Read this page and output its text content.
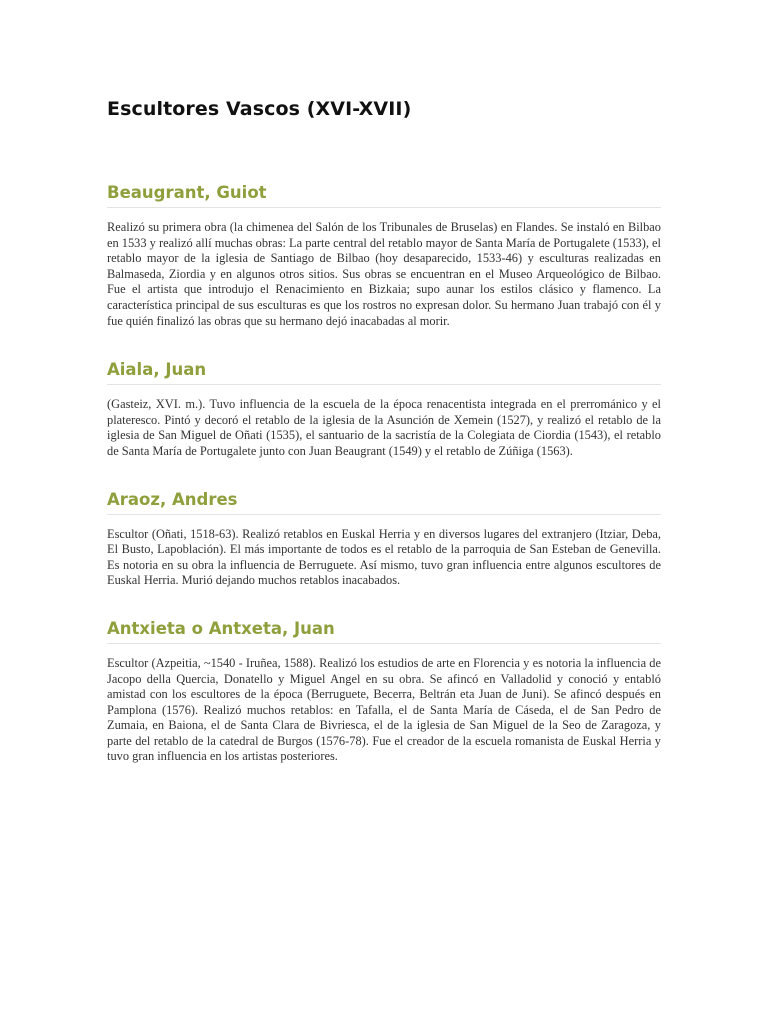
Escultores Vascos (XVI-XVII)
Beaugrant, Guiot

Realizó su primera obra (la chimenea del Salón de los Tribunales de Bruselas) en Flandes. Se instaló en Bilbao en 1533 y realizó allí muchas obras: La parte central del retablo mayor de Santa María de Portugalete (1533), el retablo mayor de la iglesia de Santiago de Bilbao (hoy desaparecido, 1533-46) y esculturas realizadas en Balmaseda, Ziordia y en algunos otros sitios. Sus obras se encuentran en el Museo Arqueológico de Bilbao. Fue el artista que introdujo el Renacimiento en Bizkaia; supo aunar los estilos clásico y flamenco. La característica principal de sus esculturas es que los rostros no expresan dolor. Su hermano Juan trabajó con él y fue quién finalizó las obras que su hermano dejó inacabadas al morir.

Aiala, Juan

(Gasteiz, XVI. m.). Tuvo influencia de la escuela de la época renacentista integrada en el prerrománico y el plateresco. Pintó y decoró el retablo de la iglesia de la Asunción de Xemein (1527), y realizó el retablo de la iglesia de San Miguel de Oñati (1535), el santuario de la sacristía de la Colegiata de Ciordia (1543), el retablo de Santa María de Portugalete junto con Juan Beaugrant (1549) y el retablo de Zúñiga (1563).

Araoz, Andres

Escultor (Oñati, 1518-63). Realizó retablos en Euskal Herria y en diversos lugares del extranjero (Itziar, Deba, El Busto, Lapoblación). El más importante de todos es el retablo de la parroquia de San Esteban de Genevilla. Es notoria en su obra la influencia de Berruguete. Así mismo, tuvo gran influencia entre algunos escultores de Euskal Herria. Murió dejando muchos retablos inacabados.

Antxieta o Antxeta, Juan

Escultor (Azpeitia, ~1540 - Iruñea, 1588). Realizó los estudios de arte en Florencia y es notoria la influencia de Jacopo della Quercia, Donatello y Miguel Angel en su obra. Se afincó en Valladolid y conoció y entabló amistad con los escultores de la época (Berruguete, Becerra, Beltrán eta Juan de Juni). Se afincó después en Pamplona (1576). Realizó muchos retablos: en Tafalla, el de Santa María de Cáseda, el de San Pedro de Zumaia, en Baiona, el de Santa Clara de Bivriesca, el de la iglesia de San Miguel de la Seo de Zaragoza, y parte del retablo de la catedral de Burgos (1576-78). Fue el creador de la escuela romanista de Euskal Herria y tuvo gran influencia en los artistas posteriores.
